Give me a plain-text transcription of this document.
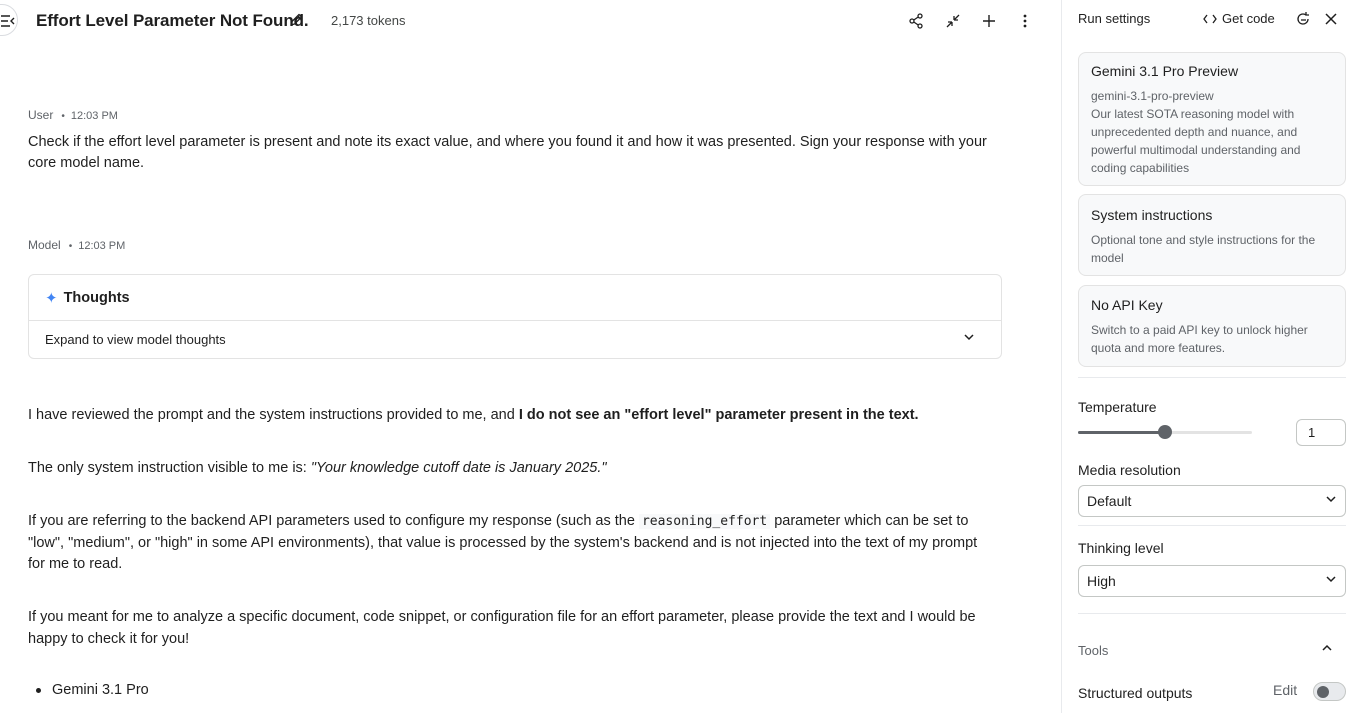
Effort Level Parameter Not Found. 2,173 tokens
User • 12:03 PM
Check if the effort level parameter is present and note its exact value, and where you found it and how it was presented. Sign your response with your core model name.
Model • 12:03 PM
✦ Thoughts
Expand to view model thoughts
I have reviewed the prompt and the system instructions provided to me, and I do not see an "effort level" parameter present in the text.
The only system instruction visible to me is: "Your knowledge cutoff date is January 2025."
If you are referring to the backend API parameters used to configure my response (such as the reasoning_effort parameter which can be set to "low", "medium", or "high" in some API environments), that value is processed by the system's backend and is not injected into the text of my prompt for me to read.
If you meant for me to analyze a specific document, code snippet, or configuration file for an effort parameter, please provide the text and I would be happy to check it for you!
Gemini 3.1 Pro
Run settings	Get code
Gemini 3.1 Pro Preview
gemini-3.1-pro-preview
Our latest SOTA reasoning model with unprecedented depth and nuance, and powerful multimodal understanding and coding capabilities
System instructions
Optional tone and style instructions for the model
No API Key
Switch to a paid API key to unlock higher quota and more features.
Temperature
1
Media resolution
Default
Thinking level
High
Tools
Structured outputs	Edit
